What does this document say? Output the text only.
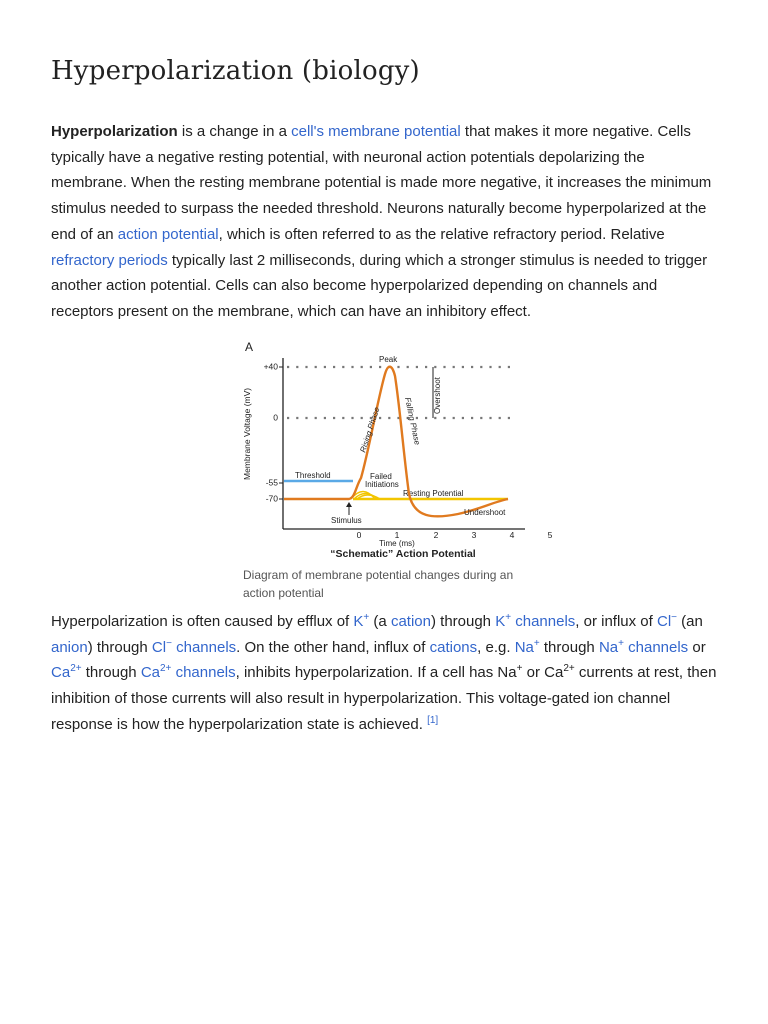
Hyperpolarization (biology)

Hyperpolarization is a change in a cell's membrane potential that makes it more negative. Cells typically have a negative resting potential, with neuronal action potentials depolarizing the membrane. When the resting membrane potential is made more negative, it increases the minimum stimulus needed to surpass the needed threshold. Neurons naturally become hyperpolarized at the end of an action potential, which is often referred to as the relative refractory period. Relative refractory periods typically last 2 milliseconds, during which a stronger stimulus is needed to trigger another action potential. Cells can also become hyperpolarized depending on channels and receptors present on the membrane, which can have an inhibitory effect.

A
Membrane Voltage (mV)
+40
0
-55
-70
Threshold
Resting Potential
Failed
Initiations
Peak
Overshoot
Rising Phase	Falling Phase
Undershoot
Stimulus
0	1	2	3	4	5
Time (ms)
“Schematic” Action Potential
Diagram of membrane potential changes during an action potential

Hyperpolarization is often caused by efflux of K+ (a cation) through K+ channels, or influx of Cl− (an anion) through Cl− channels. On the other hand, influx of cations, e.g. Na+ through Na+ channels or Ca$^{2+}$ through Ca$^{2+}$ channels, inhibits hyperpolarization. If a cell has Na+ or $Ca^{2+}$ currents at rest, then inhibition of those currents will also result in hyperpolarization. This voltage-gated ion channel response is how the hyperpolarization state is achieved. [1]
